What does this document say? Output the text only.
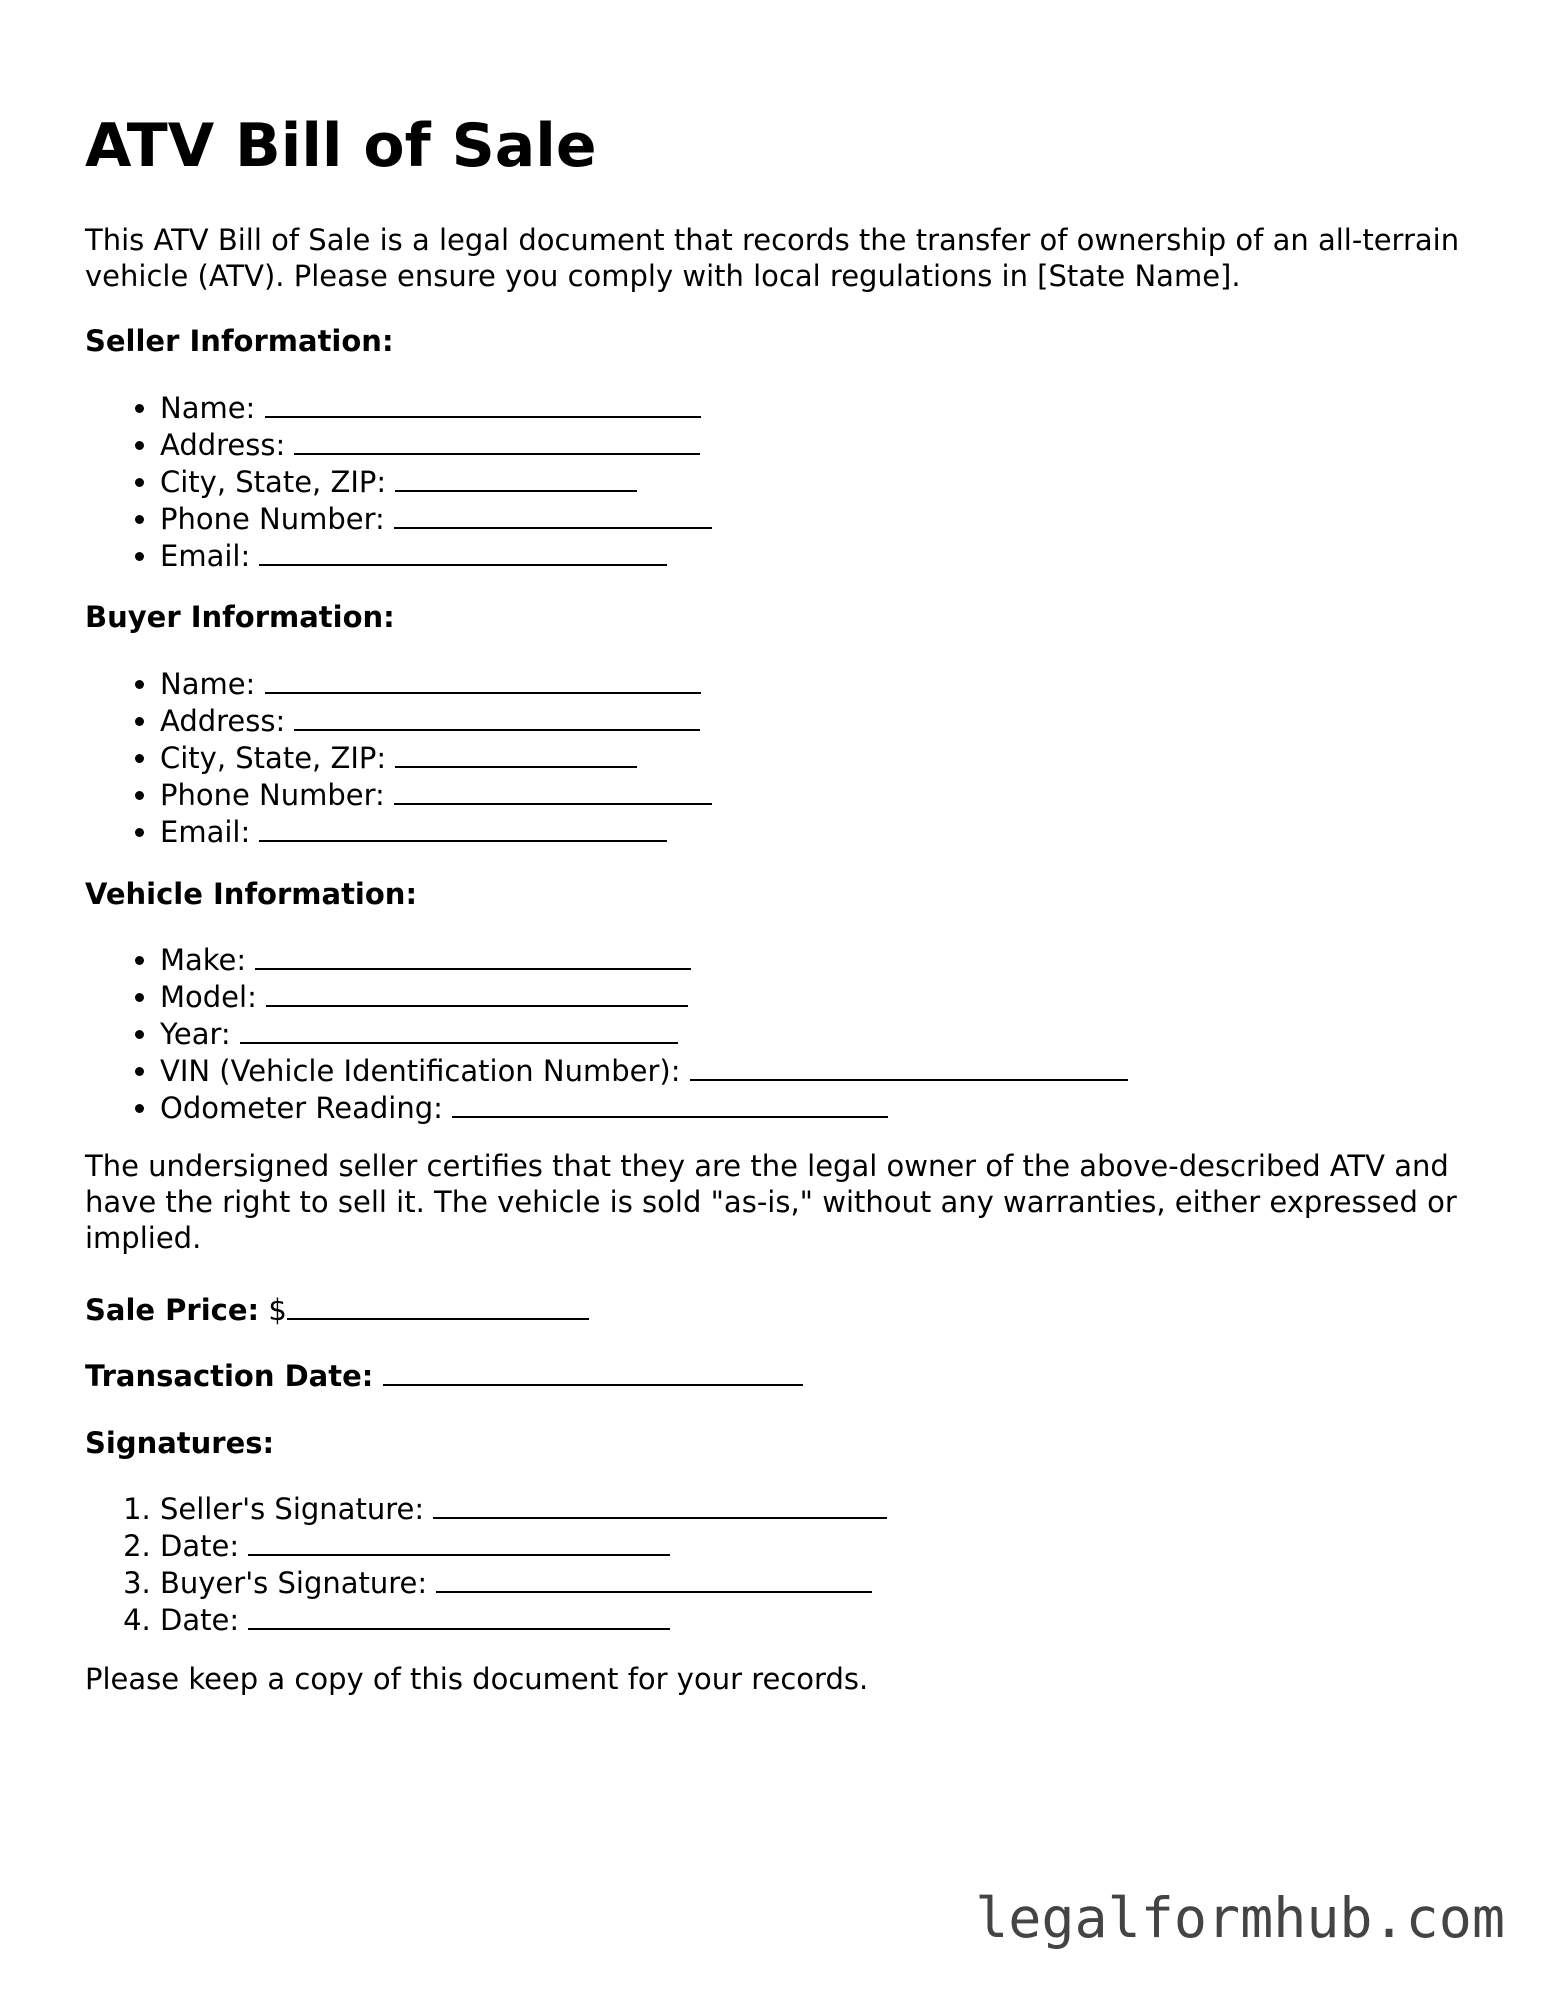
ATV Bill of Sale

This ATV Bill of Sale is a legal document that records the transfer of ownership of an all-terrain vehicle (ATV). Please ensure you comply with local regulations in [State Name].

Seller Information:

• Name:
• Address:
• City, State, ZIP:
• Phone Number:
• Email:

Buyer Information:

• Name:
• Address:
• City, State, ZIP:
• Phone Number:
• Email:

Vehicle Information:

• Make:
• Model:
• Year:
• VIN (Vehicle Identification Number):
• Odometer Reading:

The undersigned seller certifies that they are the legal owner of the above-described ATV and have the right to sell it. The vehicle is sold "as-is," without any warranties, either expressed or implied.

Sale Price: $

Transaction Date:

Signatures:

1. Seller's Signature:
2. Date:
3. Buyer's Signature:
4. Date:

Please keep a copy of this document for your records.

legalformhub.com
